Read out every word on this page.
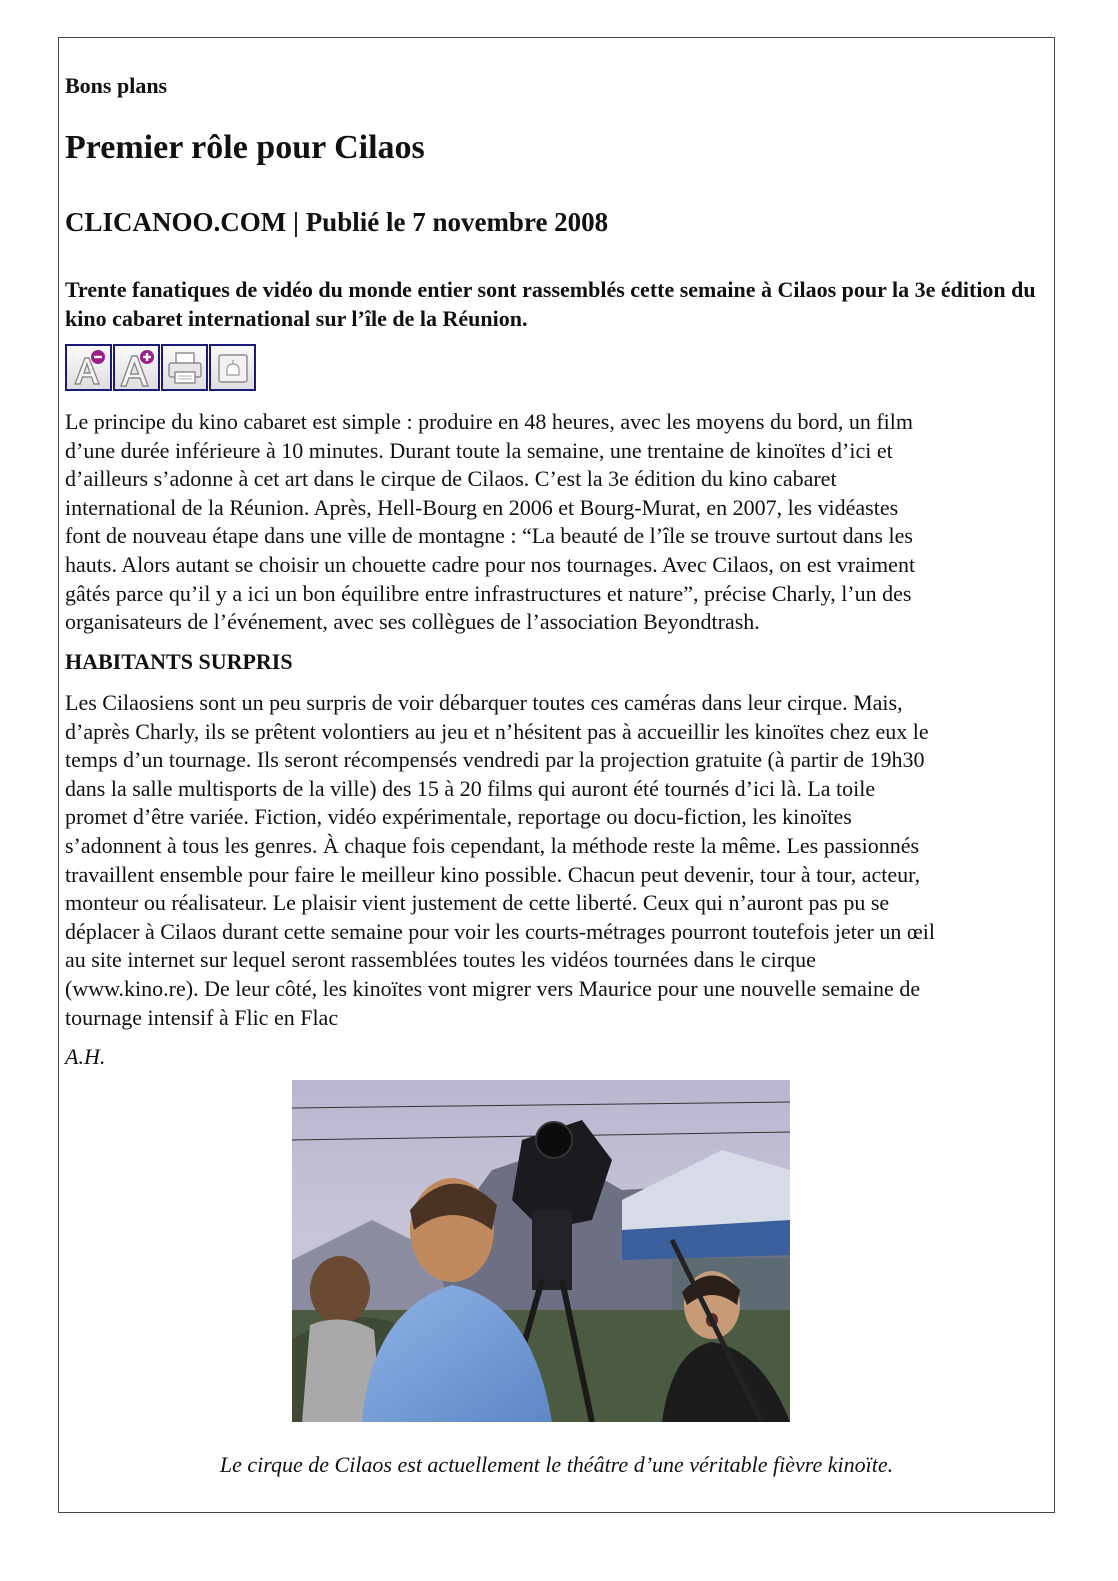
Bons plans

Premier rôle pour Cilaos
CLICANOO.COM | Publié le 7 novembre 2008

Trente fanatiques de vidéo du monde entier sont rassemblés cette semaine à Cilaos pour la 3e édition du kino cabaret international sur l’île de la Réunion.

Le principe du kino cabaret est simple : produire en 48 heures, avec les moyens du bord, un film
d’une durée inférieure à 10 minutes. Durant toute la semaine, une trentaine de kinoïtes d’ici et
d’ailleurs s’adonne à cet art dans le cirque de Cilaos. C’est la 3e édition du kino cabaret
international de la Réunion. Après, Hell-Bourg en 2006 et Bourg-Murat, en 2007, les vidéastes
font de nouveau étape dans une ville de montagne : “La beauté de l’île se trouve surtout dans les
hauts. Alors autant se choisir un chouette cadre pour nos tournages. Avec Cilaos, on est vraiment
gâtés parce qu’il y a ici un bon équilibre entre infrastructures et nature”, précise Charly, l’un des
organisateurs de l’événement, avec ses collègues de l’association Beyondtrash.
HABITANTS SURPRIS
Les Cilaosiens sont un peu surpris de voir débarquer toutes ces caméras dans leur cirque. Mais,
d’après Charly, ils se prêtent volontiers au jeu et n’hésitent pas à accueillir les kinoïtes chez eux le
temps d’un tournage. Ils seront récompensés vendredi par la projection gratuite (à partir de 19h30
dans la salle multisports de la ville) des 15 à 20 films qui auront été tournés d’ici là. La toile
promet d’être variée. Fiction, vidéo expérimentale, reportage ou docu-fiction, les kinoïtes
s’adonnent à tous les genres. À chaque fois cependant, la méthode reste la même. Les passionnés
travaillent ensemble pour faire le meilleur kino possible. Chacun peut devenir, tour à tour, acteur,
monteur ou réalisateur. Le plaisir vient justement de cette liberté. Ceux qui n’auront pas pu se
déplacer à Cilaos durant cette semaine pour voir les courts-métrages pourront toutefois jeter un œil
au site internet sur lequel seront rassemblées toutes les vidéos tournées dans le cirque
(www.kino.re). De leur côté, les kinoïtes vont migrer vers Maurice pour une nouvelle semaine de
tournage intensif à Flic en Flac

A.H.

Le cirque de Cilaos est actuellement le théâtre d’une véritable fièvre kinoïte.
